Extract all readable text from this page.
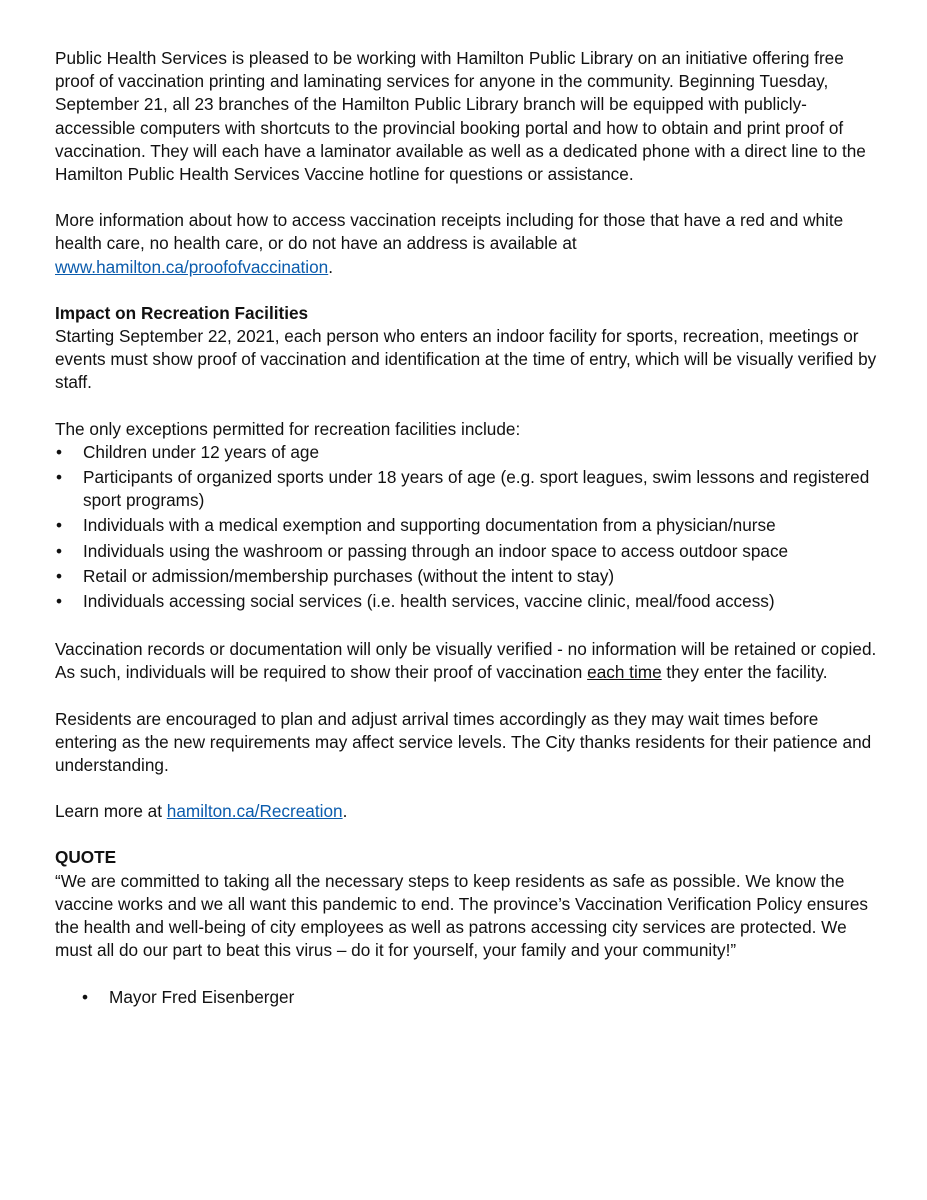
Public Health Services is pleased to be working with Hamilton Public Library on an initiative offering free proof of vaccination printing and laminating services for anyone in the community. Beginning Tuesday, September 21, all 23 branches of the Hamilton Public Library branch will be equipped with publicly-accessible computers with shortcuts to the provincial booking portal and how to obtain and print proof of vaccination. They will each have a laminator available as well as a dedicated phone with a direct line to the Hamilton Public Health Services Vaccine hotline for questions or assistance.

More information about how to access vaccination receipts including for those that have a red and white health care, no health care, or do not have an address is available at
www.hamilton.ca/proofofvaccination.

Impact on Recreation Facilities

Starting September 22, 2021, each person who enters an indoor facility for sports, recreation, meetings or events must show proof of vaccination and identification at the time of entry, which will be visually verified by staff.

The only exceptions permitted for recreation facilities include:

• Children under 12 years of age
• Participants of organized sports under 18 years of age (e.g. sport leagues, swim lessons and registered sport programs)
• Individuals with a medical exemption and supporting documentation from a physician/nurse
• Individuals using the washroom or passing through an indoor space to access outdoor space
• Retail or admission/membership purchases (without the intent to stay)
• Individuals accessing social services (i.e. health services, vaccine clinic, meal/food access)

Vaccination records or documentation will only be visually verified - no information will be retained or copied. As such, individuals will be required to show their proof of vaccination each time they enter the facility.

Residents are encouraged to plan and adjust arrival times accordingly as they may wait times before entering as the new requirements may affect service levels. The City thanks residents for their patience and understanding.

Learn more at hamilton.ca/Recreation.

QUOTE

“We are committed to taking all the necessary steps to keep residents as safe as possible. We know the vaccine works and we all want this pandemic to end. The province’s Vaccination Verification Policy ensures the health and well-being of city employees as well as patrons accessing city services are protected. We must all do our part to beat this virus – do it for yourself, your family and your community!”

• Mayor Fred Eisenberger
